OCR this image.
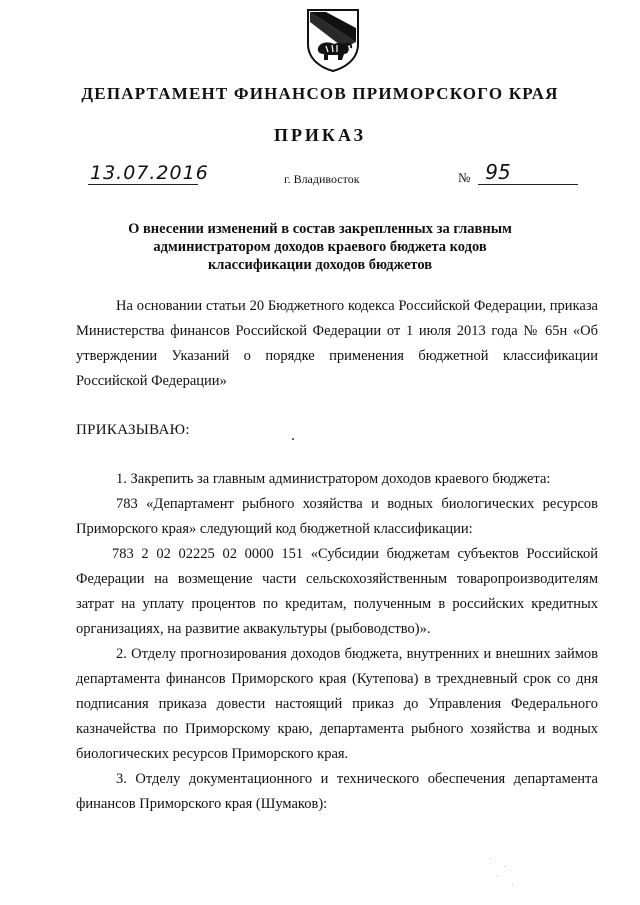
ДЕПАРТАМЕНТ ФИНАНСОВ ПРИМОРСКОГО КРАЯ
ПРИКАЗ
13.07.2016	г. Владивосток	№ 95
О внесении изменений в состав закрепленных за главным администратором доходов краевого бюджета кодов классификации доходов бюджетов

На основании статьи 20 Бюджетного кодекса Российской Федерации, приказа Министерства финансов Российской Федерации от 1 июля 2013 года № 65н «Об утверждении Указаний о порядке применения бюджетной классификации Российской Федерации»

ПРИКАЗЫВАЮ:

1. Закрепить за главным администратором доходов краевого бюджета:

783 «Департамент рыбного хозяйства и водных биологических ресурсов Приморского края» следующий код бюджетной классификации:

783 2 02 02225 02 0000 151 «Субсидии бюджетам субъектов Российской Федерации на возмещение части сельскохозяйственным товаропроизводителям затрат на уплату процентов по кредитам, полученным в российских кредитных организациях, на развитие аквакультуры (рыбоводство)».

2. Отделу прогнозирования доходов бюджета, внутренних и внешних займов департамента финансов Приморского края (Кутепова) в трехдневный срок со дня подписания приказа довести настоящий приказ до Управления Федерального казначейства по Приморскому краю, департамента рыбного хозяйства и водных биологических ресурсов Приморского края.

3. Отделу документационного и технического обеспечения департамента финансов Приморского края (Шумаков):
